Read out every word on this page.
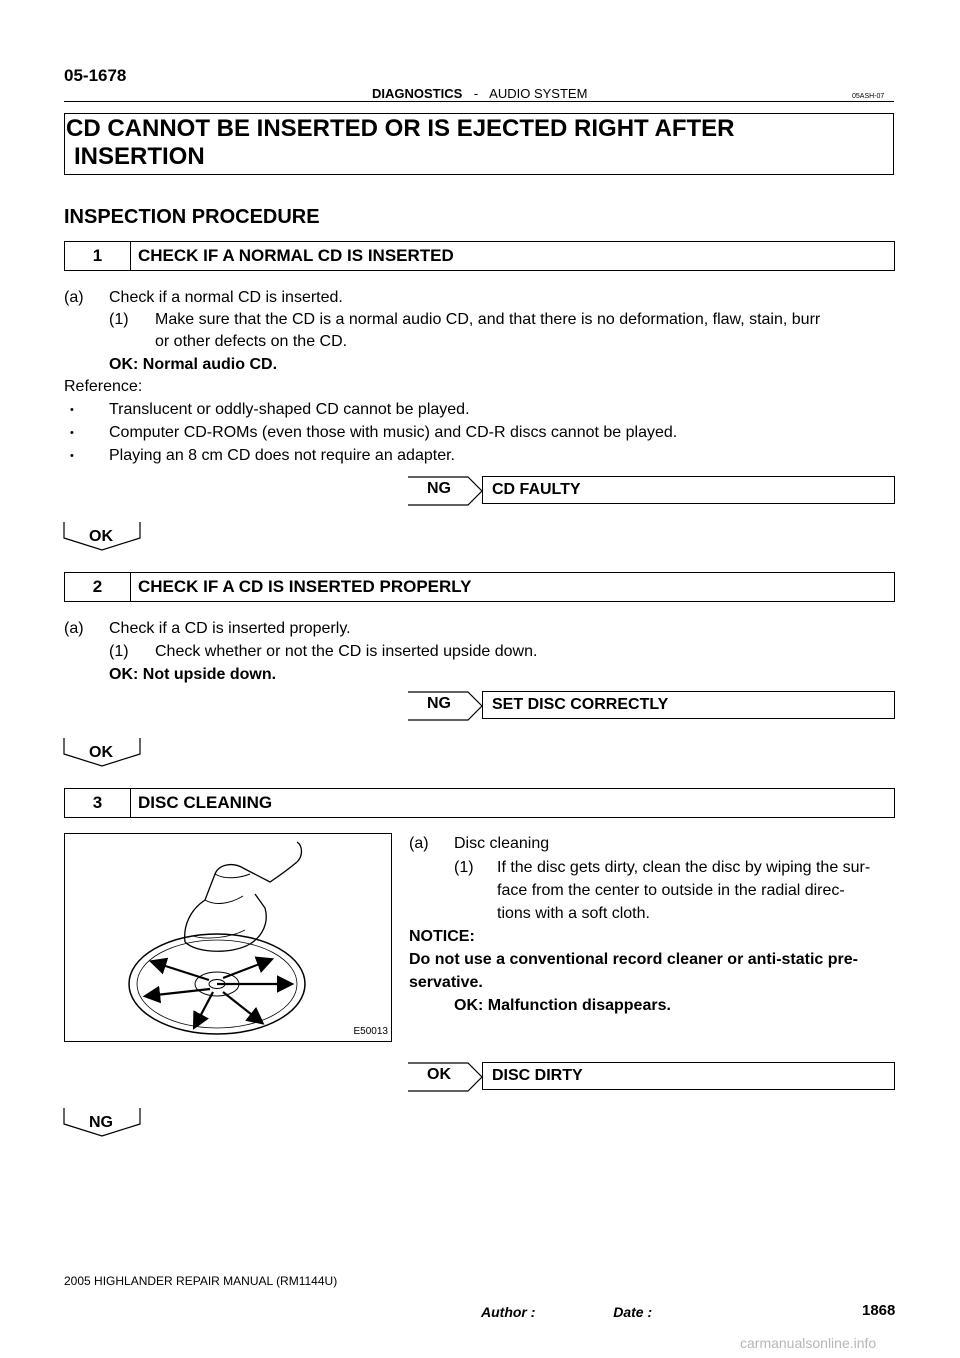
05-1678
DIAGNOSTICS - AUDIO SYSTEM	05ASH-07
CD CANNOT BE INSERTED OR IS EJECTED RIGHT AFTER
INSERTION
INSPECTION PROCEDURE
1	CHECK IF A NORMAL CD IS INSERTED
(a) Check if a normal CD is inserted.
(1) Make sure that the CD is a normal audio CD, and that there is no deformation, flaw, stain, burr
or other defects on the CD.
OK: Normal audio CD.
Reference:
• Translucent or oddly-shaped CD cannot be played.
• Computer CD-ROMs (even those with music) and CD-R discs cannot be played.
• Playing an 8 cm CD does not require an adapter.
NG	CD FAULTY
OK
2	CHECK IF A CD IS INSERTED PROPERLY
(a) Check if a CD is inserted properly.
(1) Check whether or not the CD is inserted upside down.
OK: Not upside down.
NG	SET DISC CORRECTLY
OK
3	DISC CLEANING
E50013
(a) Disc cleaning
(1) If the disc gets dirty, clean the disc by wiping the sur-
face from the center to outside in the radial direc-
tions with a soft cloth.
NOTICE:
Do not use a conventional record cleaner or anti-static pre-
servative.
OK: Malfunction disappears.
OK	DISC DIRTY
NG
2005 HIGHLANDER REPAIR MANUAL (RM1144U)
Author :                    Date :	1868
carmanualsonline.info
